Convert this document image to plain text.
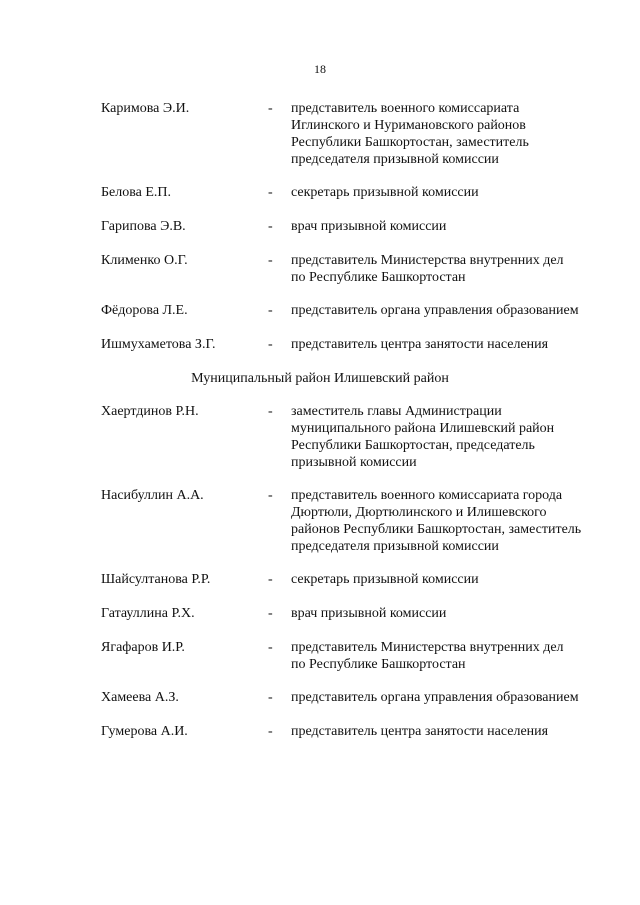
18
Каримова Э.И.	- представитель военного комиссариата
Иглинского и Нуримановского районов
Республики Башкортостан, заместитель
председателя призывной комиссии
Белова Е.П.	- секретарь призывной комиссии
Гарипова Э.В.	- врач призывной комиссии
Клименко О.Г.	- представитель Министерства внутренних дел
по Республике Башкортостан
Фёдорова Л.Е.	- представитель органа управления образованием
Ишмухаметова З.Г.	- представитель центра занятости населения
Муниципальный район Илишевский район
Хаертдинов Р.Н.	- заместитель главы Администрации
муниципального района Илишевский район
Республики Башкортостан, председатель
призывной комиссии
Насибуллин А.А.	- представитель военного комиссариата города
Дюртюли, Дюртюлинского и Илишевского
районов Республики Башкортостан, заместитель
председателя призывной комиссии
Шайсултанова Р.Р.	- секретарь призывной комиссии
Гатауллина Р.Х.	- врач призывной комиссии
Ягафаров И.Р.	- представитель Министерства внутренних дел
по Республике Башкортостан
Хамеева А.З.	- представитель органа управления образованием
Гумерова А.И.	- представитель центра занятости населения
